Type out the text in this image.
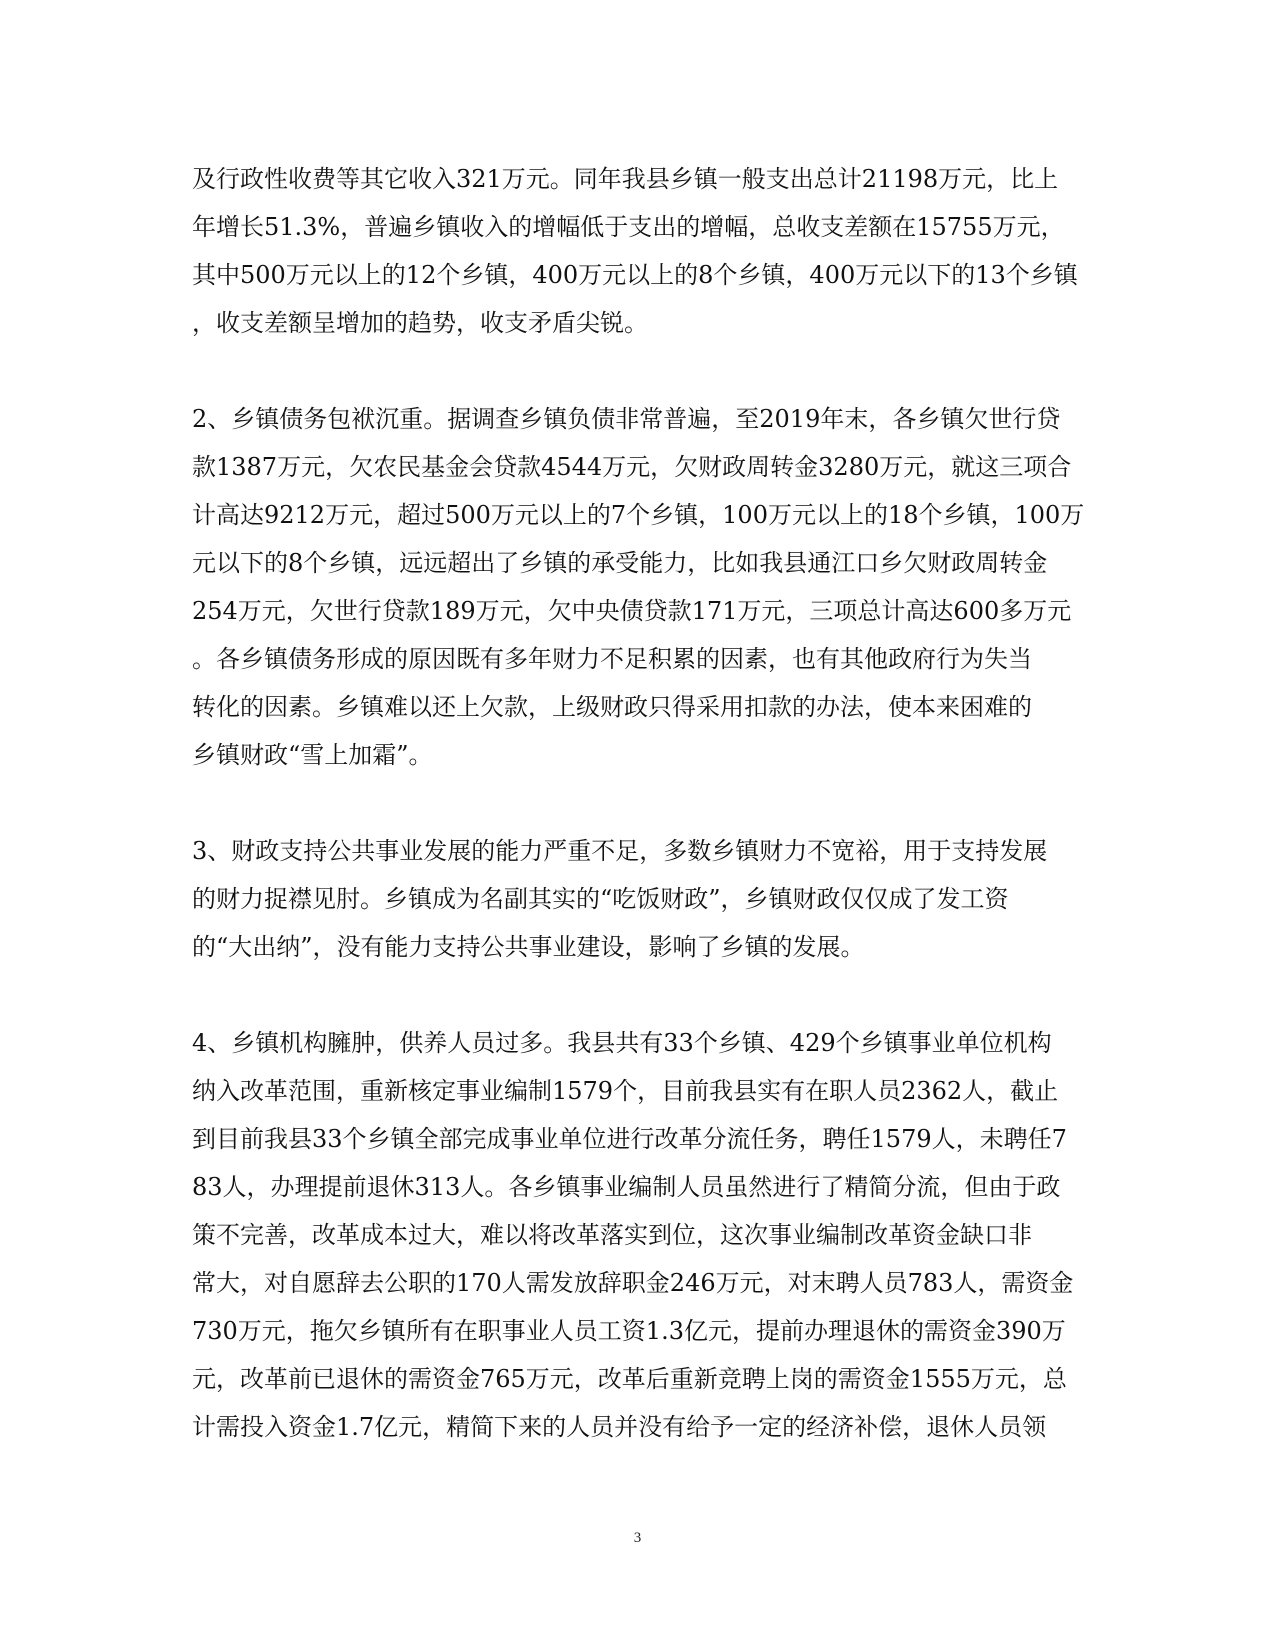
及行政性收费等其它收入321万元。同年我县乡镇一般支出总计21198万元，比上
年增长51.3%，普遍乡镇收入的增幅低于支出的增幅，总收支差额在15755万元，
其中500万元以上的12个乡镇，400万元以上的8个乡镇，400万元以下的13个乡镇
，收支差额呈增加的趋势，收支矛盾尖锐。
2、乡镇债务包袱沉重。据调查乡镇负债非常普遍，至2019年末，各乡镇欠世行贷
款1387万元，欠农民基金会贷款4544万元，欠财政周转金3280万元，就这三项合
计高达9212万元，超过500万元以上的7个乡镇，100万元以上的18个乡镇，100万
元以下的8个乡镇，远远超出了乡镇的承受能力，比如我县通江口乡欠财政周转金
254万元，欠世行贷款189万元，欠中央债贷款171万元，三项总计高达600多万元
。各乡镇债务形成的原因既有多年财力不足积累的因素，也有其他政府行为失当
转化的因素。乡镇难以还上欠款，上级财政只得采用扣款的办法，使本来困难的
乡镇财政“雪上加霜”。
3、财政支持公共事业发展的能力严重不足，多数乡镇财力不宽裕，用于支持发展
的财力捉襟见肘。乡镇成为名副其实的“吃饭财政”，乡镇财政仅仅成了发工资
的“大出纳”，没有能力支持公共事业建设，影响了乡镇的发展。
4、乡镇机构臃肿，供养人员过多。我县共有33个乡镇、429个乡镇事业单位机构
纳入改革范围，重新核定事业编制1579个，目前我县实有在职人员2362人，截止
到目前我县33个乡镇全部完成事业单位进行改革分流任务，聘任1579人，未聘任7
83人，办理提前退休313人。各乡镇事业编制人员虽然进行了精简分流，但由于政
策不完善，改革成本过大，难以将改革落实到位，这次事业编制改革资金缺口非
常大，对自愿辞去公职的170人需发放辞职金246万元，对末聘人员783人，需资金
730万元，拖欠乡镇所有在职事业人员工资1.3亿元，提前办理退休的需资金390万
元，改革前已退休的需资金765万元，改革后重新竞聘上岗的需资金1555万元，总
计需投入资金1.7亿元，精简下来的人员并没有给予一定的经济补偿，退休人员领
3
